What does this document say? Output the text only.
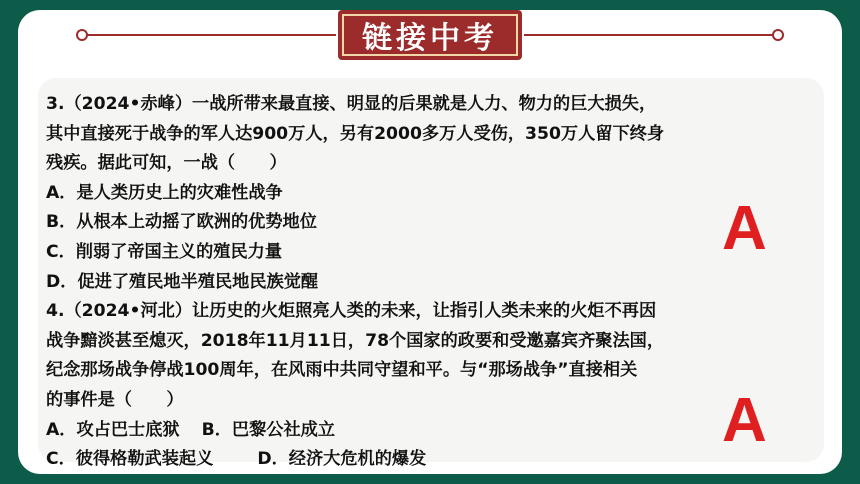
链接中考

3.（2024•赤峰）一战所带来最直接、明显的后果就是人力、物力的巨大损失，

其中直接死于战争的军人达900万人，另有2000多万人受伤，350万人留下终身

残疾。据此可知，一战（　　）

A．是人类历史上的灾难性战争

B．从根本上动摇了欧洲的优势地位

C．削弱了帝国主义的殖民力量

D．促进了殖民地半殖民地民族觉醒

4.（2024•河北）让历史的火炬照亮人类的未来，让指引人类未来的火炬不再因

战争黯淡甚至熄灭，2018年11月11日，78个国家的政要和受邀嘉宾齐聚法国，

纪念那场战争停战100周年，在风雨中共同守望和平。与“那场战争”直接相关

的事件是（　　）

A．攻占巴士底狱 B．巴黎公社成立

C．彼得格勒武装起义	D．经济大危机的爆发

A
A
